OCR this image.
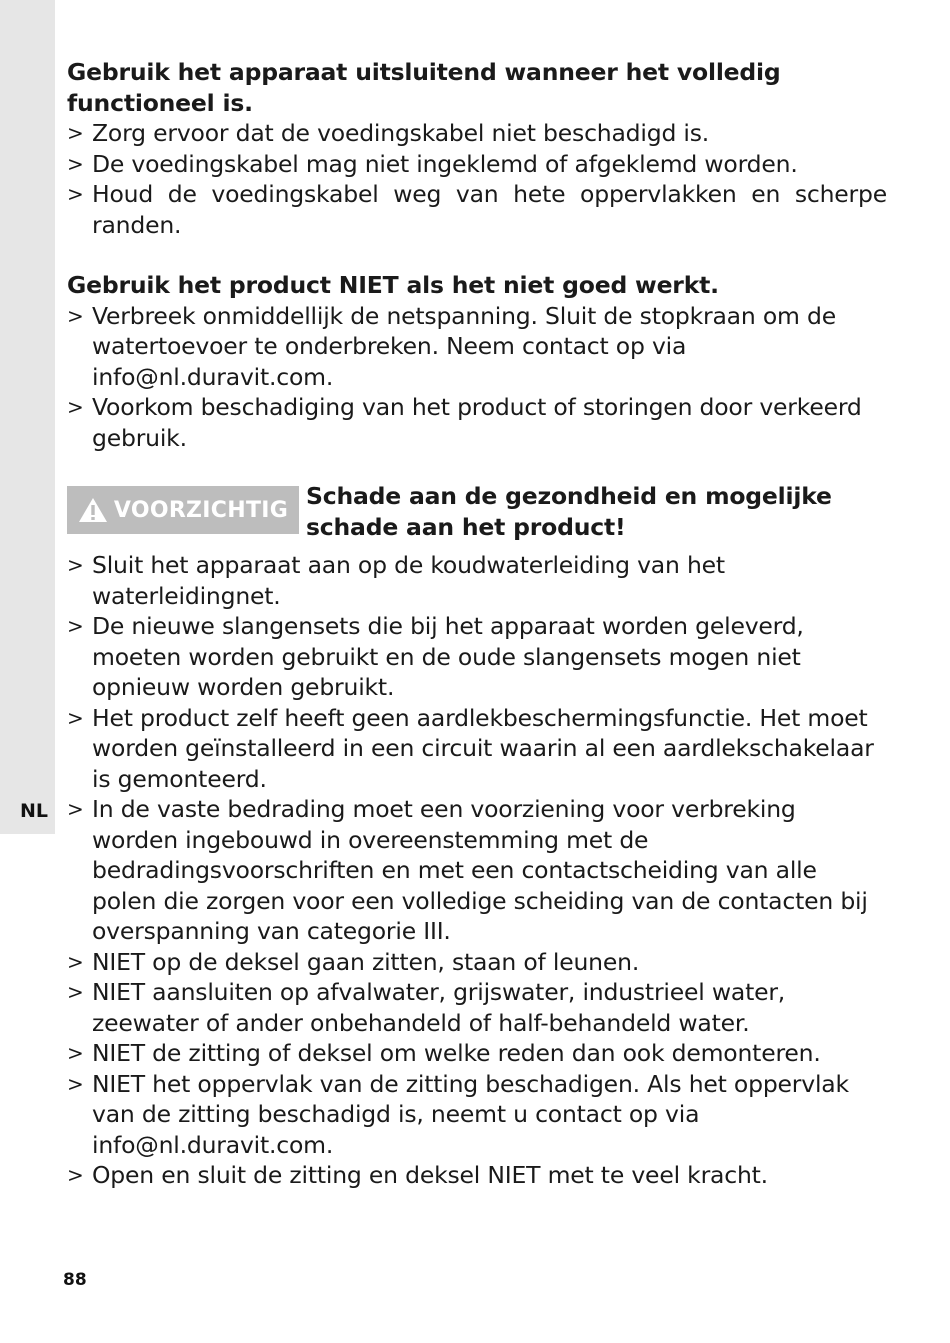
NL

Gebruik het apparaat uitsluitend wanneer het volledig functioneel is.

> Zorg ervoor dat de voedingskabel niet beschadigd is.
> De voedingskabel mag niet ingeklemd of afgeklemd worden.
> Houd de voedingskabel weg van hete oppervlakken en scherpe randen.

Gebruik het product NIET als het niet goed werkt.

> Verbreek onmiddellijk de netspanning. Sluit de stopkraan om de watertoevoer te onderbreken. Neem contact op via info@nl.duravit.com.
> Voorkom beschadiging van het product of storingen door verkeerd gebruik.
VOORZICHTIG Schade aan de gezondheid en mogelijke
schade aan het product!
> Sluit het apparaat aan op de koudwaterleiding van het waterleidingnet.
> De nieuwe slangensets die bij het apparaat worden geleverd, moeten worden gebruikt en de oude slangensets mogen niet opnieuw worden gebruikt.
> Het product zelf heeft geen aardlekbeschermingsfunctie. Het moet worden geïnstalleerd in een circuit waarin al een aardlekschakelaar is gemonteerd.
> In de vaste bedrading moet een voorziening voor verbreking worden ingebouwd in overeenstemming met de bedradingsvoorschriften en met een contactscheiding van alle polen die zorgen voor een volledige scheiding van de contacten bij overspanning van categorie III.
> NIET op de deksel gaan zitten, staan of leunen.
> NIET aansluiten op afvalwater, grijswater, industrieel water, zeewater of ander onbehandeld of half-behandeld water.
> NIET de zitting of deksel om welke reden dan ook demonteren.
> NIET het oppervlak van de zitting beschadigen. Als het oppervlak van de zitting beschadigd is, neemt u contact op via info@nl.duravit.com.
> Open en sluit de zitting en deksel NIET met te veel kracht.
88
